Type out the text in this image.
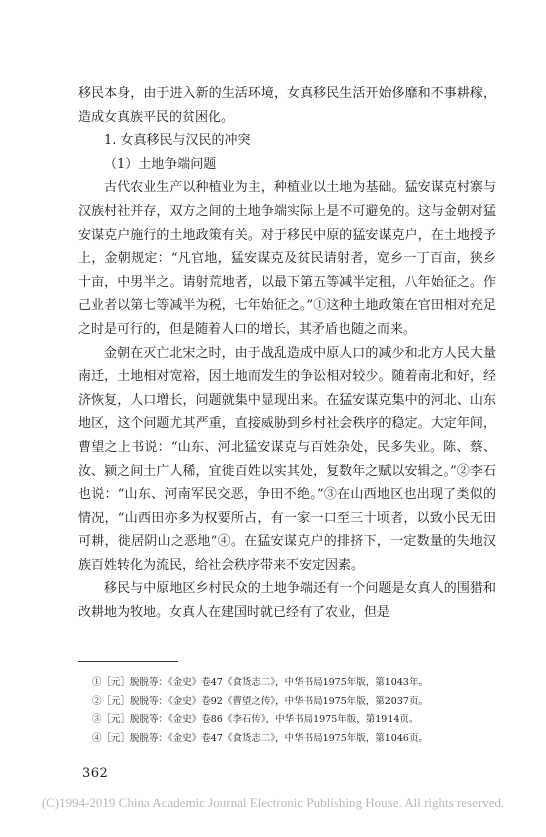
移民本身，由于进入新的生活环境，女真移民生活开始侈靡和不事耕稼，造成女真族平民的贫困化。

1. 女真移民与汉民的冲突

（1）土地争端问题

古代农业生产以种植业为主，种植业以土地为基础。猛安谋克村寨与汉族村社并存，双方之间的土地争端实际上是不可避免的。这与金朝对猛安谋克户施行的土地政策有关。对于移民中原的猛安谋克户，在土地授予上，金朝规定：“凡官地，猛安谋克及贫民请射者，宽乡一丁百亩，狭乡十亩，中男半之。请射荒地者，以最下第五等减半定租，八年始征之。作己业者以第七等减半为税，七年始征之。”①这种土地政策在官田相对充足之时是可行的，但是随着人口的增长，其矛盾也随之而来。

金朝在灭亡北宋之时，由于战乱造成中原人口的减少和北方人民大量南迁，土地相对宽裕，因土地而发生的争讼相对较少。随着南北和好，经济恢复，人口增长，问题就集中显现出来。在猛安谋克集中的河北、山东地区，这个问题尤其严重，直接威胁到乡村社会秩序的稳定。大定年间，曹望之上书说：“山东、河北猛安谋克与百姓杂处，民多失业。陈、蔡、汝、颍之间土广人稀，宜徙百姓以实其处，复数年之赋以安辑之。”②李石也说：“山东、河南军民交恶，争田不绝。”③在山西地区也出现了类似的情况，“山西田亦多为权要所占，有一家一口至三十顷者，以致小民无田可耕，徙居阴山之恶地”④。在猛安谋克户的排挤下，一定数量的失地汉族百姓转化为流民，给社会秩序带来不安定因素。

移民与中原地区乡村民众的土地争端还有一个问题是女真人的围猎和改耕地为牧地。女真人在建国时就已经有了农业，但是

①［元］脱脱等：《金史》卷47《食货志二》，中华书局1975年版，第1043年。
②［元］脱脱等：《金史》卷92《曹望之传》，中华书局1975年版，第2037页。
③［元］脱脱等：《金史》卷86《李石传》，中华书局1975年版，第1914页。
④［元］脱脱等：《金史》卷47《食货志二》，中华书局1975年版，第1046页。
362
(C)1994-2019 China Academic Journal Electronic Publishing House. All rights reserved.
